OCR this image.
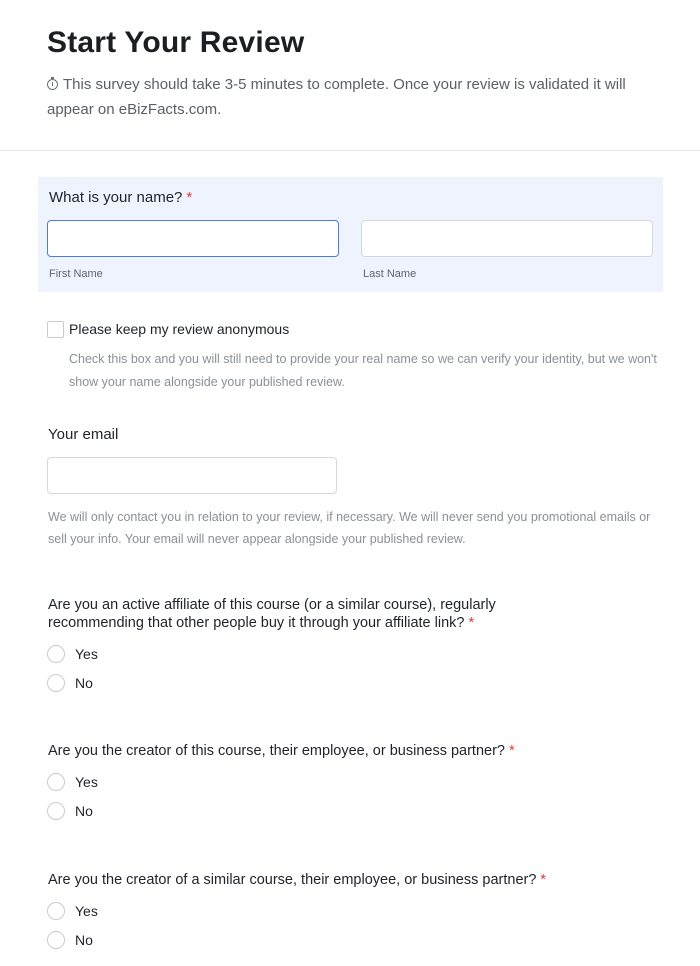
Start Your Review
This survey should take 3-5 minutes to complete. Once your review is validated it will appear on eBizFacts.com.
What is your name? *
First Name	Last Name
Please keep my review anonymous
Check this box and you will still need to provide your real name so we can verify your identity, but we won't show your name alongside your published review.
Your email
We will only contact you in relation to your review, if necessary. We will never send you promotional emails or sell your info. Your email will never appear alongside your published review.
Are you an active affiliate of this course (or a similar course), regularly recommending that other people buy it through your affiliate link? *
Yes
No
Are you the creator of this course, their employee, or business partner? *
Yes
No
Are you the creator of a similar course, their employee, or business partner? *
Yes
No
